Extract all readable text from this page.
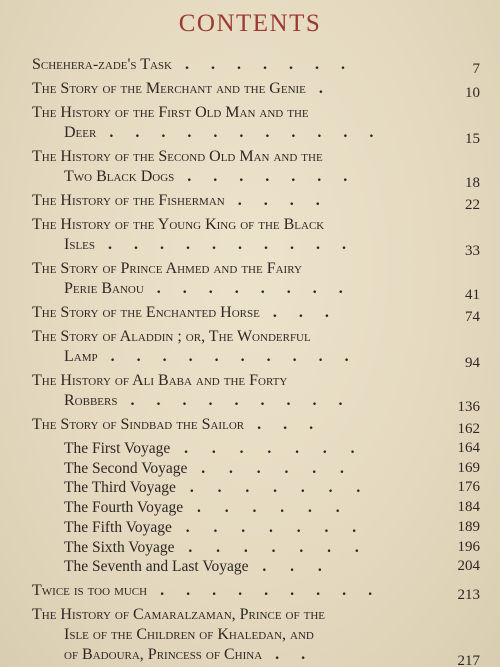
CONTENTS
Schehera-zade's Task . . . . . . .	7
The Story of the Merchant and the Genie .	10
The History of the First Old Man and the
Deer . . . . . . . . . . .	15
The History of the Second Old Man and the
Two Black Dogs . . . . . . .	18
The History of the Fisherman . . . .	22
The History of the Young King of the Black
Isles . . . . . . . . . .	33
The Story of Prince Ahmed and the Fairy
Perie Banou . . . . . . . .	41
The Story of the Enchanted Horse . . .	74
The Story of Aladdin ; or, The Wonderful
Lamp . . . . . . . . . .	94
The History of Ali Baba and the Forty
Robbers . . . . . . . . .	136
The Story of Sindbad the Sailor . . .	162
The First Voyage . . . . . . .	164
The Second Voyage . . . . . .	169
The Third Voyage . . . . . . .	176
The Fourth Voyage . . . . . .	184
The Fifth Voyage . . . . . . .	189
The Sixth Voyage . . . . . . .	196
The Seventh and Last Voyage . . .	204
Twice is too much . . . . . . . . .	213
The History of Camaralzaman, Prince of the
Isle of the Children of Khaledan, and
of Badoura, Princess of China . .	217
